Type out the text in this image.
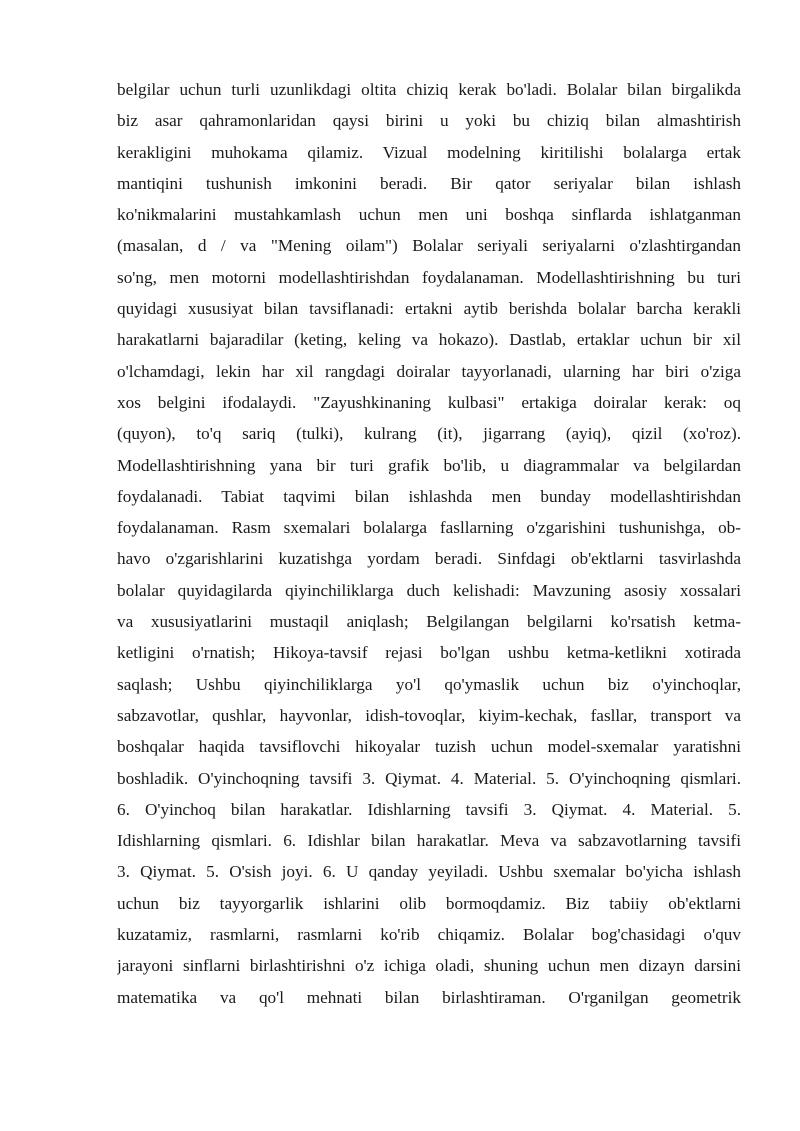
belgilar uchun turli uzunlikdagi oltita chiziq kerak bo'ladi. Bolalar bilan birgalikda
biz asar qahramonlaridan qaysi birini u yoki bu chiziq bilan almashtirish
kerakligini muhokama qilamiz. Vizual modelning kiritilishi bolalarga ertak
mantiqini tushunish imkonini beradi. Bir qator seriyalar bilan ishlash
ko'nikmalarini mustahkamlash uchun men uni boshqa sinflarda ishlatganman
(masalan, d / va "Mening oilam") Bolalar seriyali seriyalarni o'zlashtirgandan
so'ng, men motorni modellashtirishdan foydalanaman. Modellashtirishning bu turi
quyidagi xususiyat bilan tavsiflanadi: ertakni aytib berishda bolalar barcha kerakli
harakatlarni bajaradilar (keting, keling va hokazo). Dastlab, ertaklar uchun bir xil
o'lchamdagi, lekin har xil rangdagi doiralar tayyorlanadi, ularning har biri o'ziga
xos belgini ifodalaydi. "Zayushkinaning kulbasi" ertakiga doiralar kerak: oq
(quyon), to'q sariq (tulki), kulrang (it), jigarrang (ayiq), qizil (xo'roz).
Modellashtirishning yana bir turi grafik bo'lib, u diagrammalar va belgilardan
foydalanadi. Tabiat taqvimi bilan ishlashda men bunday modellashtirishdan
foydalanaman. Rasm sxemalari bolalarga fasllarning o'zgarishini tushunishga, ob-
havo o'zgarishlarini kuzatishga yordam beradi. Sinfdagi ob'ektlarni tasvirlashda
bolalar quyidagilarda qiyinchiliklarga duch kelishadi: Mavzuning asosiy xossalari
va xususiyatlarini mustaqil aniqlash; Belgilangan belgilarni ko'rsatish ketma-
ketligini o'rnatish; Hikoya-tavsif rejasi bo'lgan ushbu ketma-ketlikni xotirada
saqlash; Ushbu qiyinchiliklarga yo'l qo'ymaslik uchun biz o'yinchoqlar,
sabzavotlar, qushlar, hayvonlar, idish-tovoqlar, kiyim-kechak, fasllar, transport va
boshqalar haqida tavsiflovchi hikoyalar tuzish uchun model-sxemalar yaratishni
boshladik. O'yinchoqning tavsifi 3. Qiymat. 4. Material. 5. O'yinchoqning qismlari.
6. O'yinchoq bilan harakatlar. Idishlarning tavsifi 3. Qiymat. 4. Material. 5.
Idishlarning qismlari. 6. Idishlar bilan harakatlar. Meva va sabzavotlarning tavsifi
3. Qiymat. 5. O'sish joyi. 6. U qanday yeyiladi. Ushbu sxemalar bo'yicha ishlash
uchun biz tayyorgarlik ishlarini olib bormoqdamiz. Biz tabiiy ob'ektlarni
kuzatamiz, rasmlarni, rasmlarni ko'rib chiqamiz. Bolalar bog'chasidagi o'quv
jarayoni sinflarni birlashtirishni o'z ichiga oladi, shuning uchun men dizayn darsini
matematika va qo'l mehnati bilan birlashtiraman. O'rganilgan geometrik
